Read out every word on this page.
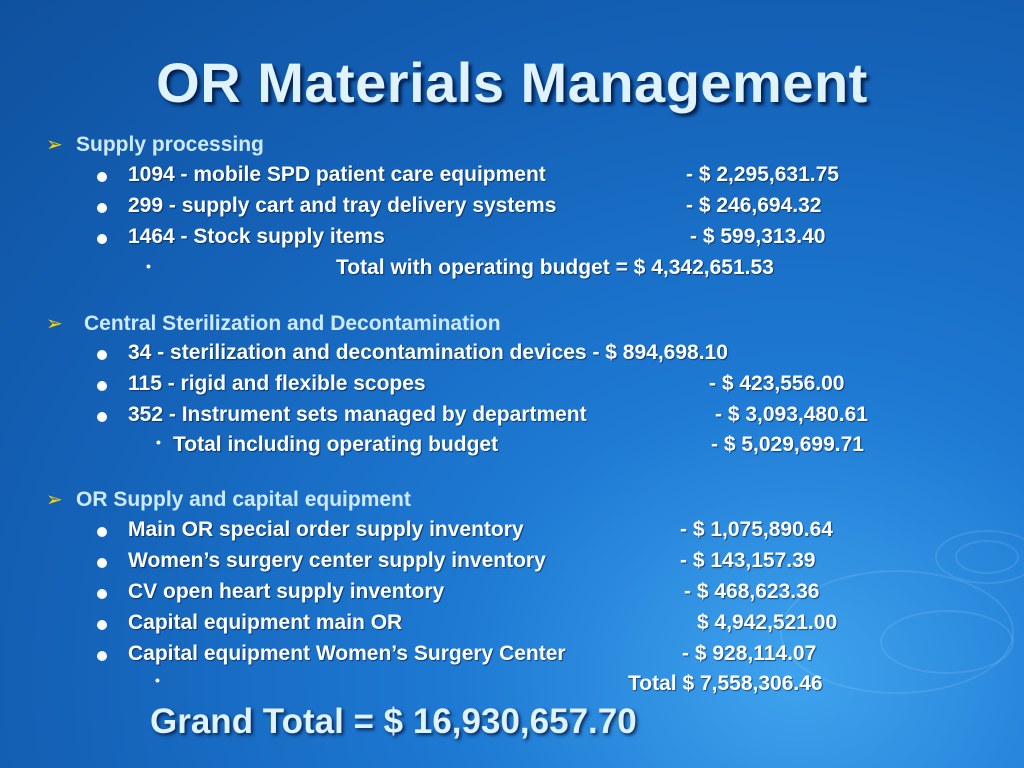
OR Materials Management
➢ Supply processing
1094 - mobile SPD patient care equipment	- $ 2,295,631.75
299 - supply cart and tray delivery systems	- $ 246,694.32
1464 - Stock supply items	- $ 599,313.40
•	Total with operating budget = $ 4,342,651.53
➢ Central Sterilization and Decontamination
34 - sterilization and decontamination devices - $ 894,698.10
115 - rigid and flexible scopes	- $ 423,556.00
352 - Instrument sets managed by department	- $ 3,093,480.61
• Total including operating budget	- $ 5,029,699.71
➢ OR Supply and capital equipment
Main OR special order supply inventory	- $ 1,075,890.64
Women’s surgery center supply inventory	- $ 143,157.39
CV open heart supply inventory	- $ 468,623.36
Capital equipment main OR	$ 4,942,521.00
Capital equipment Women’s Surgery Center	- $ 928,114.07
•	Total $ 7,558,306.46
Grand Total = $ 16,930,657.70
